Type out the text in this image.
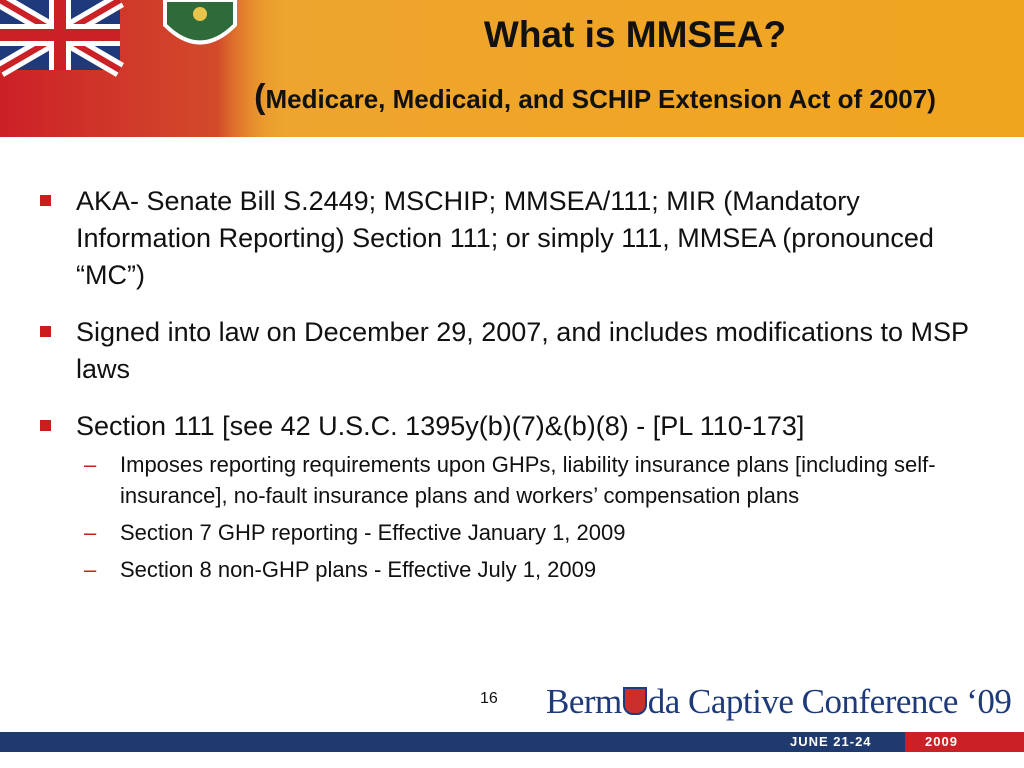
What is MMSEA?
(Medicare, Medicaid, and SCHIP Extension Act of 2007)
AKA- Senate Bill S.2449; MSCHIP; MMSEA/111; MIR (Mandatory Information Reporting) Section 111; or simply 111, MMSEA (pronounced “MC”)
Signed into law on December 29, 2007, and includes modifications to MSP laws
Section 111 [see 42 U.S.C. 1395y(b)(7)&(b)(8) - [PL 110-173]
– Imposes reporting requirements upon GHPs, liability insurance plans [including self-insurance], no-fault insurance plans and workers’ compensation plans
– Section 7 GHP reporting - Effective January 1, 2009
– Section 8 non-GHP plans - Effective July 1, 2009
16 Berm da Captive Conference ‘09
JUNE 21-24	2009
